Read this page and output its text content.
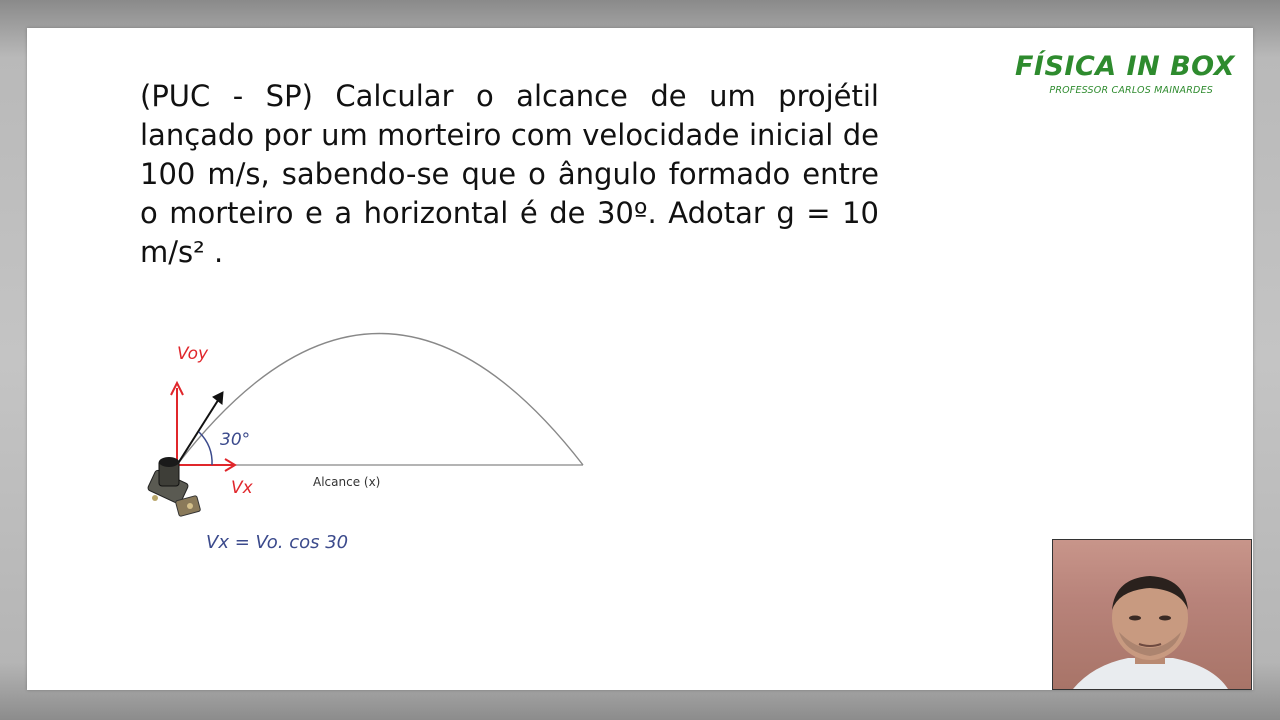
FÍSICA IN BOX
PROFESSOR CARLOS MAINARDES

(PUC - SP) Calcular o alcance de um projétil lançado por um morteiro com velocidade inicial de 100 m/s, sabendo-se que o ângulo formado entre o morteiro e a horizontal é de 30º. Adotar g = 10 m/s² .

Voy
Vx
30°
Alcance (x)
Vx = Vo. cos 30
